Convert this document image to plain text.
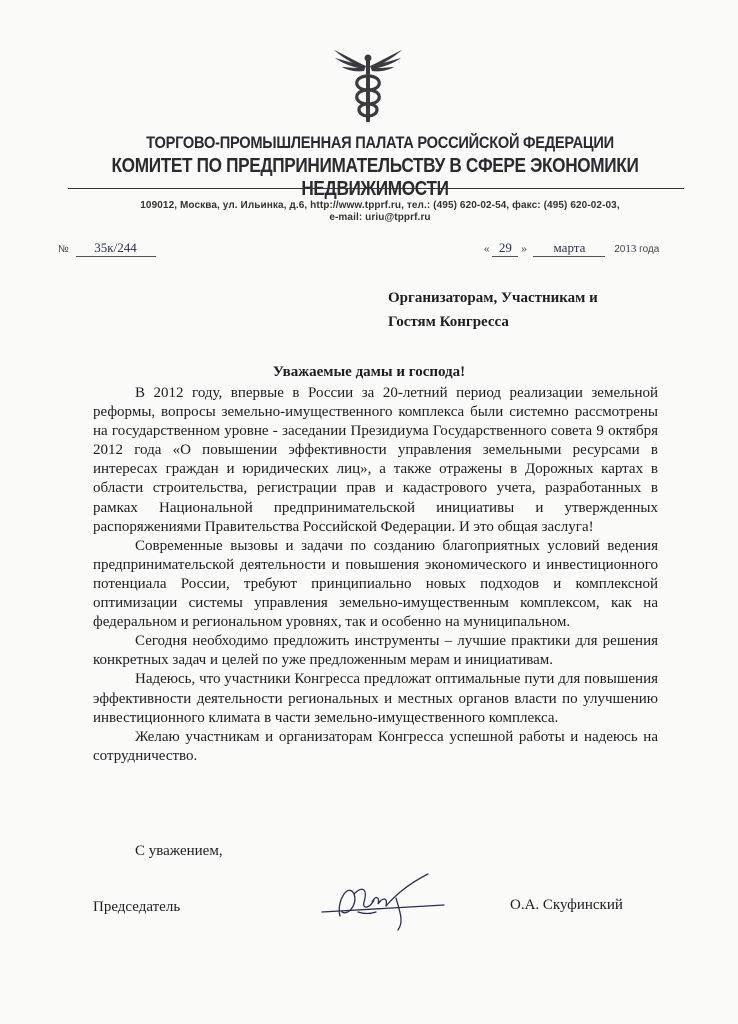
ТОРГОВО-ПРОМЫШЛЕННАЯ ПАЛАТА РОССИЙСКОЙ ФЕДЕРАЦИИ
КОМИТЕТ ПО ПРЕДПРИНИМАТЕЛЬСТВУ В СФЕРЕ ЭКОНОМИКИ НЕДВИЖИМОСТИ
109012, Москва, ул. Ильинка, д.6, http://www.tpprf.ru, тел.: (495) 620-02-54, факс: (495) 620-02-03,
e-mail: uriu@tpprf.ru
№ 35к/244	« 29 » марта	2013 года
Организаторам, Участникам и
Гостям Конгресса
Уважаемые дамы и господа!

В 2012 году, впервые в России за 20-летний период реализации земельной реформы, вопросы земельно-имущественного комплекса были системно рассмотрены на государственном уровне - заседании Президиума Государственного совета 9 октября 2012 года «О повышении эффективности управления земельными ресурсами в интересах граждан и юридических лиц», а также отражены в Дорожных картах в области строительства, регистрации прав и кадастрового учета, разработанных в рамках Национальной предпринимательской инициативы и утвержденных распоряжениями Правительства Российской Федерации. И это общая заслуга!

Современные вызовы и задачи по созданию благоприятных условий ведения предпринимательской деятельности и повышения экономического и инвестиционного потенциала России, требуют принципиально новых подходов и комплексной оптимизации системы управления земельно-имущественным комплексом, как на федеральном и региональном уровнях, так и особенно на муниципальном.

Сегодня необходимо предложить инструменты – лучшие практики для решения конкретных задач и целей по уже предложенным мерам и инициативам.

Надеюсь, что участники Конгресса предложат оптимальные пути для повышения эффективности деятельности региональных и местных органов власти по улучшению инвестиционного климата в части земельно-имущественного комплекса.

Желаю участникам и организаторам Конгресса успешной работы и надеюсь на сотрудничество.

С уважением,
Председатель	О.А. Скуфинский
